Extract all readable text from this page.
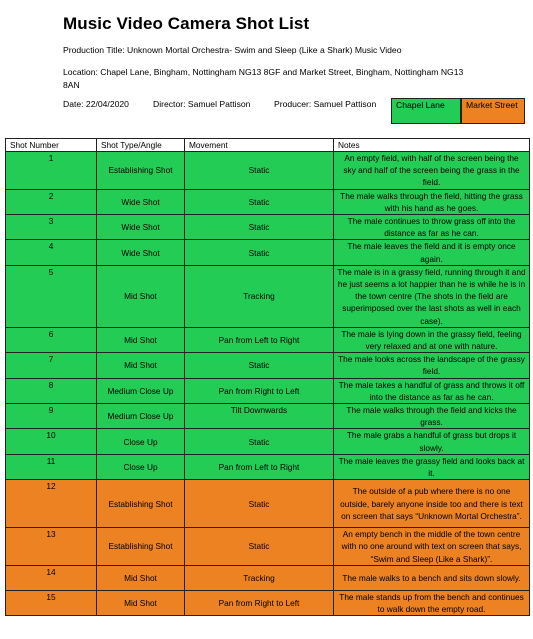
Music Video Camera Shot List
Production Title: Unknown Mortal Orchestra- Swim and Sleep (Like a Shark) Music Video
Location: Chapel Lane, Bingham, Nottingham NG13 8GF and Market Street, Bingham, Nottingham NG13 8AN
Date: 22/04/2020	Director: Samuel Pattison	Producer: Samuel Pattison	Chapel Lane	Market Street
Shot Number	Shot Type/Angle	Movement	Notes
1	Establishing Shot	Static	An empty field, with half of the screen being the sky and half of the screen being the grass in the field.
2	Wide Shot	Static	The male walks through the field, hitting the grass with his hand as he goes.
3	Wide Shot	Static	The male continues to throw grass off into the distance as far as he can.
4	Wide Shot	Static	The male leaves the field and it is empty once again.
5	Mid Shot	Tracking	The male is in a grassy field, running through it and he just seems a lot happier than he is while he is in the town centre (The shots in the field are superimposed over the last shots as well in each case).
6	Mid Shot	Pan from Left to Right	The male is lying down in the grassy field, feeling very relaxed and at one with nature.
7	Mid Shot	Static	The male looks across the landscape of the grassy field.
8	Medium Close Up	Pan from Right to Left	The male takes a handful of grass and throws it off into the distance as far as he can.
9	Medium Close Up	Tilt Downwards	The male walks through the field and kicks the grass.
10	Close Up	Static	The male grabs a handful of grass but drops it slowly.
11	Close Up	Pan from Left to Right	The male leaves the grassy field and looks back at it.
12	Establishing Shot	Static	The outside of a pub where there is no one outside, barely anyone inside too and there is text on screen that says “Unknown Mortal Orchestra”.
13	Establishing Shot	Static	An empty bench in the middle of the town centre with no one around with text on screen that says, “Swim and Sleep (Like a Shark)”.
14	Mid Shot	Tracking	The male walks to a bench and sits down slowly.
15	Mid Shot	Pan from Right to Left	The male stands up from the bench and continues to walk down the empty road.
